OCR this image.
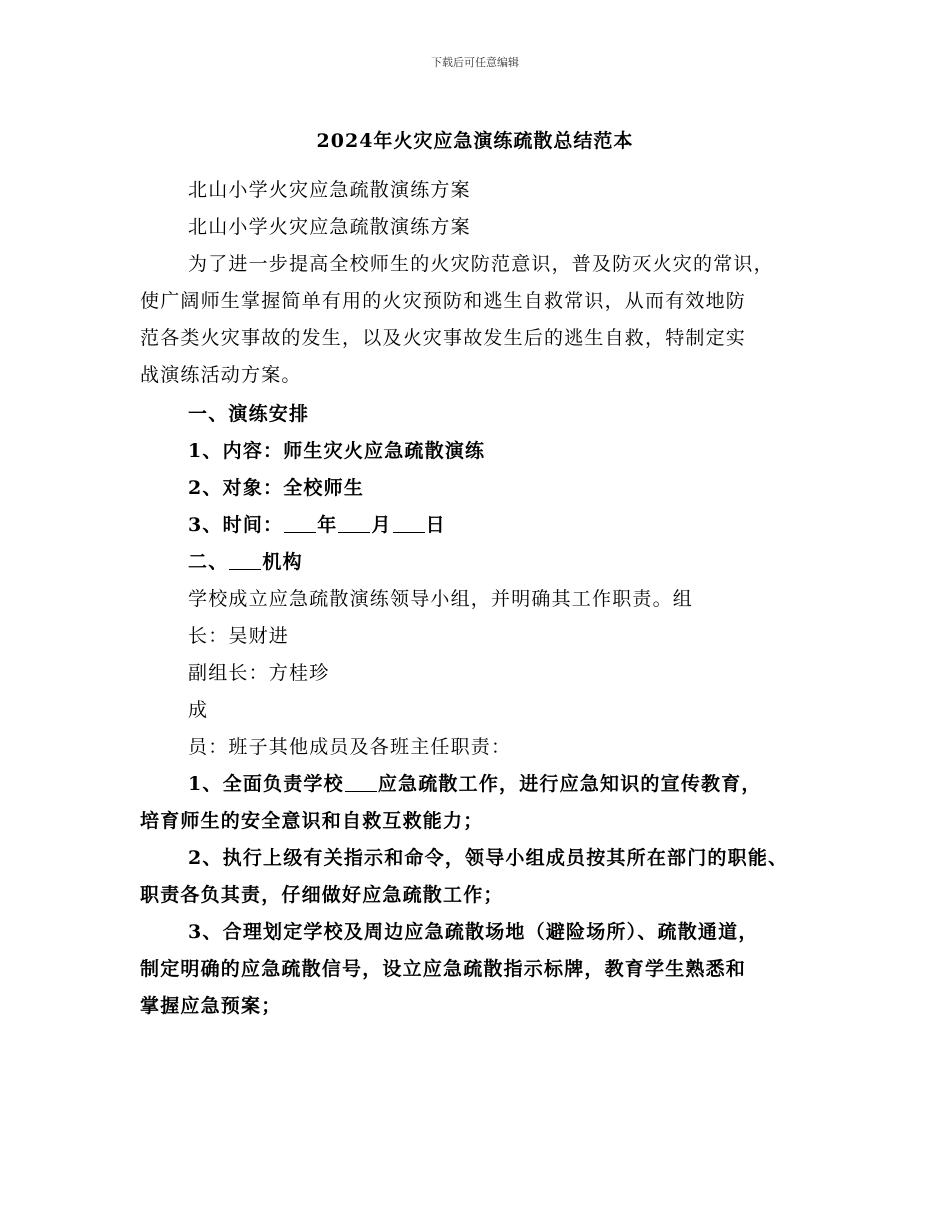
下载后可任意编辑
2024年火灾应急演练疏散总结范本
北山小学火灾应急疏散演练方案
北山小学火灾应急疏散演练方案
为了进一步提高全校师生的火灾防范意识，普及防灭火灾的常识，
使广阔师生掌握简单有用的火灾预防和逃生自救常识，从而有效地防
范各类火灾事故的发生，以及火灾事故发生后的逃生自救，特制定实
战演练活动方案。
一、演练安排
1、内容：师生灾火应急疏散演练
2、对象：全校师生
3、时间： 年 月 日
二、 机构
学校成立应急疏散演练领导小组，并明确其工作职责。组
长：吴财进
副组长：方桂珍
成
员：班子其他成员及各班主任职责：
1、全面负责学校 应急疏散工作，进行应急知识的宣传教育，
培育师生的安全意识和自救互救能力；
2、执行上级有关指示和命令，领导小组成员按其所在部门的职能、
职责各负其责，仔细做好应急疏散工作；
3、合理划定学校及周边应急疏散场地（避险场所）、疏散通道，
制定明确的应急疏散信号，设立应急疏散指示标牌，教育学生熟悉和
掌握应急预案；
